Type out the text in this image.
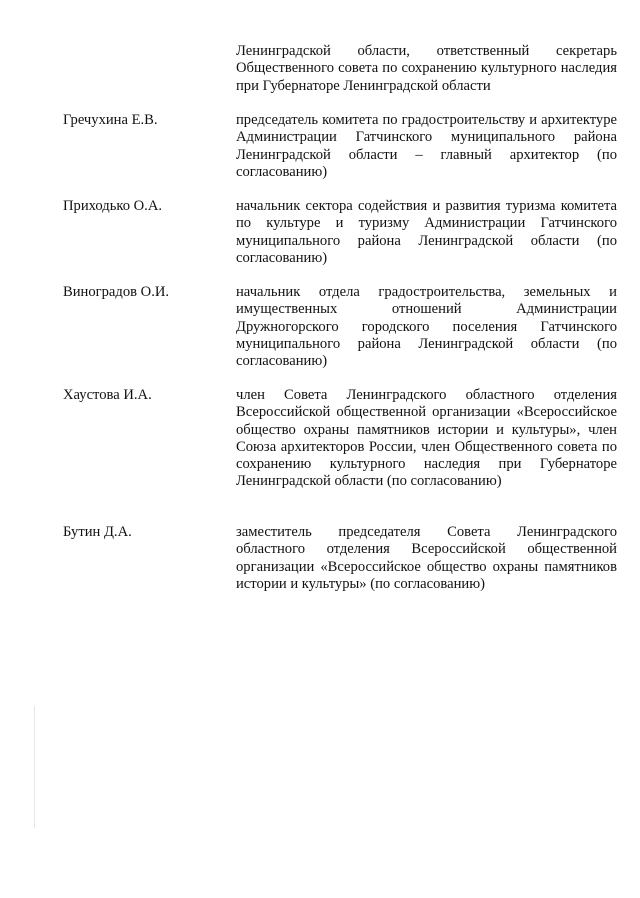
Ленинградской области, ответственный секретарь Общественного совета по сохранению культурного наследия при Губернаторе Ленинградской области
Гречухина Е.В.	председатель комитета по градостроительству и архитектуре Администрации Гатчинского муниципального района Ленинградской области – главный архитектор (по согласованию)
Приходько О.А.	начальник сектора содействия и развития туризма комитета по культуре и туризму Администрации Гатчинского муниципального района Ленинградской области (по согласованию)
Виноградов О.И.	начальник отдела градостроительства, земельных и имущественных отношений Администрации Дружногорского городского поселения Гатчинского муниципального района Ленинградской области (по согласованию)
Хаустова И.А.	член Совета Ленинградского областного отделения Всероссийской общественной организации «Всероссийское общество охраны памятников истории и культуры», член Союза архитекторов России, член Общественного совета по сохранению культурного наследия при Губернаторе Ленинградской области (по согласованию)
Бутин Д.А.	заместитель председателя Совета Ленинградского областного отделения Всероссийской общественной организации «Всероссийское общество охраны памятников истории и культуры» (по согласованию)
